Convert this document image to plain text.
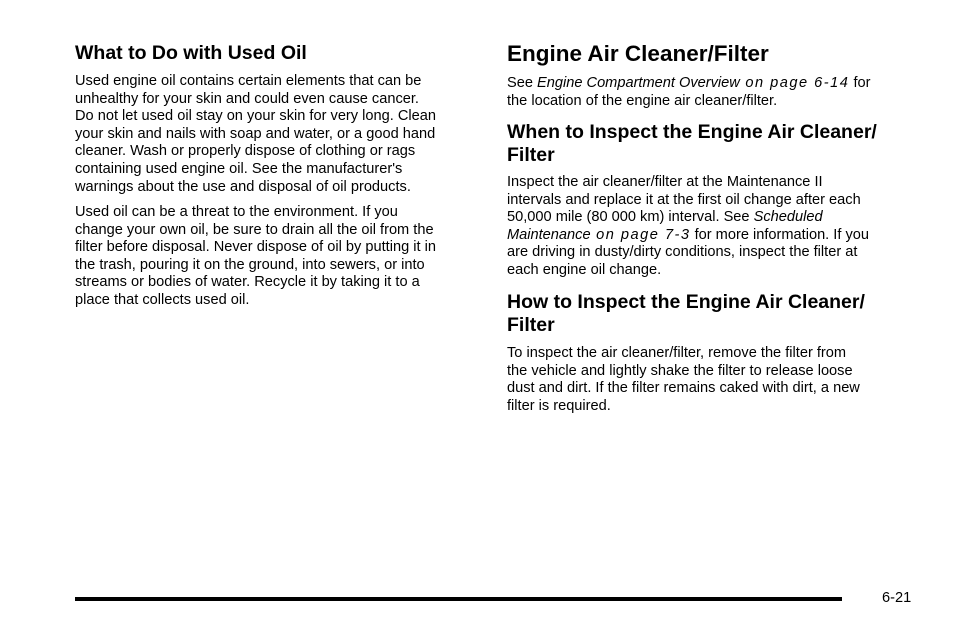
What to Do with Used Oil

Used engine oil contains certain elements that can be
unhealthy for your skin and could even cause cancer.
Do not let used oil stay on your skin for very long. Clean
your skin and nails with soap and water, or a good hand
cleaner. Wash or properly dispose of clothing or rags
containing used engine oil. See the manufacturer's
warnings about the use and disposal of oil products.

Used oil can be a threat to the environment. If you
change your own oil, be sure to drain all the oil from the
filter before disposal. Never dispose of oil by putting it in
the trash, pouring it on the ground, into sewers, or into
streams or bodies of water. Recycle it by taking it to a
place that collects used oil.

Engine Air Cleaner/Filter

See Engine Compartment Overview on page 6-14 for
the location of the engine air cleaner/filter.

When to Inspect the Engine Air Cleaner/
Filter

Inspect the air cleaner/filter at the Maintenance II
intervals and replace it at the first oil change after each
50,000 mile (80 000 km) interval. See Scheduled
Maintenance on page 7-3 for more information. If you
are driving in dusty/dirty conditions, inspect the filter at
each engine oil change.

How to Inspect the Engine Air Cleaner/
Filter

To inspect the air cleaner/filter, remove the filter from
the vehicle and lightly shake the filter to release loose
dust and dirt. If the filter remains caked with dirt, a new
filter is required.

6-21
